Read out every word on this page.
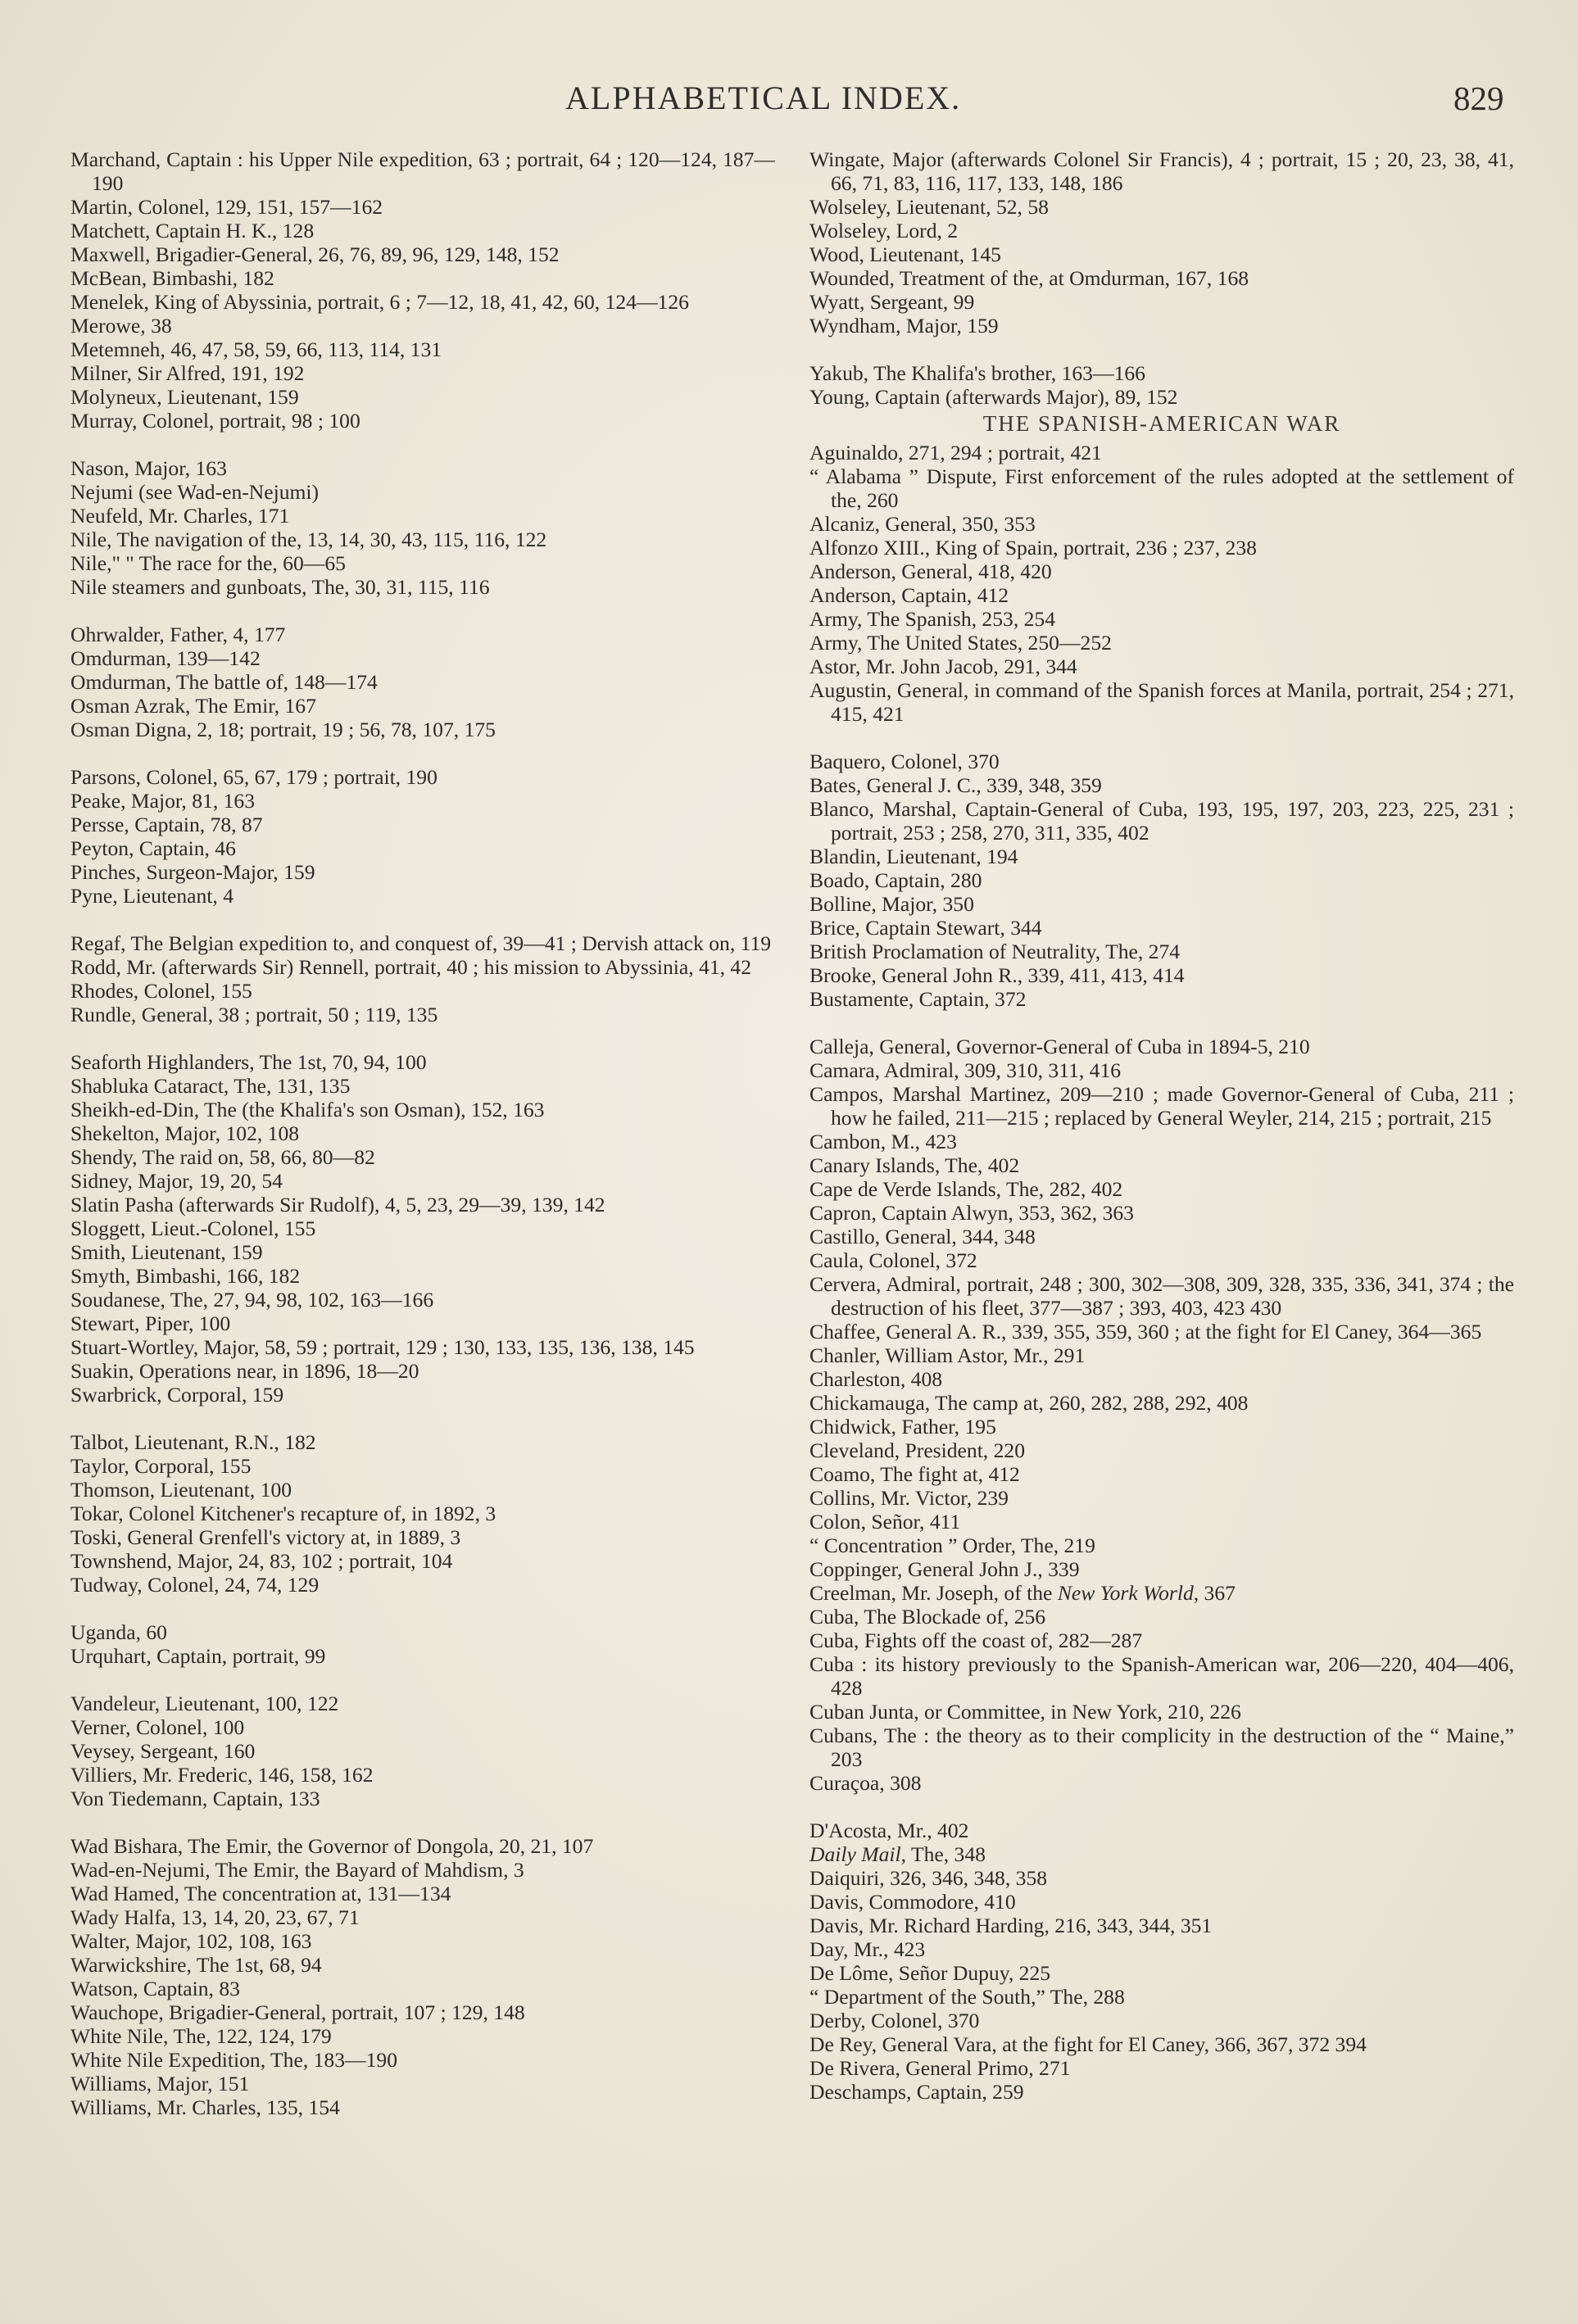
ALPHABETICAL INDEX.	829

Marchand, Captain : his Upper Nile expedition, 63 ; portrait, 64 ; 120—124, 187—190

Martin, Colonel, 129, 151, 157—162

Matchett, Captain H. K., 128

Maxwell, Brigadier-General, 26, 76, 89, 96, 129, 148, 152

McBean, Bimbashi, 182

Menelek, King of Abyssinia, portrait, 6 ; 7—12, 18, 41, 42, 60, 124—126

Merowe, 38

Metemneh, 46, 47, 58, 59, 66, 113, 114, 131

Milner, Sir Alfred, 191, 192

Molyneux, Lieutenant, 159

Murray, Colonel, portrait, 98 ; 100

Nason, Major, 163

Nejumi (see Wad-en-Nejumi)

Neufeld, Mr. Charles, 171

Nile, The navigation of the, 13, 14, 30, 43, 115, 116, 122

Nile," " The race for the, 60—65

Nile steamers and gunboats, The, 30, 31, 115, 116

Ohrwalder, Father, 4, 177

Omdurman, 139—142

Omdurman, The battle of, 148—174

Osman Azrak, The Emir, 167

Osman Digna, 2, 18; portrait, 19 ; 56, 78, 107, 175

Parsons, Colonel, 65, 67, 179 ; portrait, 190

Peake, Major, 81, 163

Persse, Captain, 78, 87

Peyton, Captain, 46

Pinches, Surgeon-Major, 159

Pyne, Lieutenant, 4

Regaf, The Belgian expedition to, and conquest of, 39—41 ; Dervish attack on, 119

Rodd, Mr. (afterwards Sir) Rennell, portrait, 40 ; his mission to Abyssinia, 41, 42

Rhodes, Colonel, 155

Rundle, General, 38 ; portrait, 50 ; 119, 135

Seaforth Highlanders, The 1st, 70, 94, 100

Shabluka Cataract, The, 131, 135

Sheikh-ed-Din, The (the Khalifa's son Osman), 152, 163

Shekelton, Major, 102, 108

Shendy, The raid on, 58, 66, 80—82

Sidney, Major, 19, 20, 54

Slatin Pasha (afterwards Sir Rudolf), 4, 5, 23, 29—39, 139, 142

Sloggett, Lieut.-Colonel, 155

Smith, Lieutenant, 159

Smyth, Bimbashi, 166, 182

Soudanese, The, 27, 94, 98, 102, 163—166

Stewart, Piper, 100

Stuart-Wortley, Major, 58, 59 ; portrait, 129 ; 130, 133, 135, 136, 138, 145

Suakin, Operations near, in 1896, 18—20

Swarbrick, Corporal, 159

Talbot, Lieutenant, R.N., 182

Taylor, Corporal, 155

Thomson, Lieutenant, 100

Tokar, Colonel Kitchener's recapture of, in 1892, 3

Toski, General Grenfell's victory at, in 1889, 3

Townshend, Major, 24, 83, 102 ; portrait, 104

Tudway, Colonel, 24, 74, 129

Uganda, 60

Urquhart, Captain, portrait, 99

Vandeleur, Lieutenant, 100, 122

Verner, Colonel, 100

Veysey, Sergeant, 160

Villiers, Mr. Frederic, 146, 158, 162

Von Tiedemann, Captain, 133

Wad Bishara, The Emir, the Governor of Dongola, 20, 21, 107

Wad-en-Nejumi, The Emir, the Bayard of Mahdism, 3

Wad Hamed, The concentration at, 131—134

Wady Halfa, 13, 14, 20, 23, 67, 71

Walter, Major, 102, 108, 163

Warwickshire, The 1st, 68, 94

Watson, Captain, 83

Wauchope, Brigadier-General, portrait, 107 ; 129, 148

White Nile, The, 122, 124, 179

White Nile Expedition, The, 183—190

Williams, Major, 151

Williams, Mr. Charles, 135, 154

Wingate, Major (afterwards Colonel Sir Francis), 4 ; portrait, 15 ; 20, 23, 38, 41, 66, 71, 83, 116, 117, 133, 148, 186

Wolseley, Lieutenant, 52, 58

Wolseley, Lord, 2

Wood, Lieutenant, 145

Wounded, Treatment of the, at Omdurman, 167, 168

Wyatt, Sergeant, 99

Wyndham, Major, 159

Yakub, The Khalifa's brother, 163—166

Young, Captain (afterwards Major), 89, 152

THE SPANISH-AMERICAN WAR

Aguinaldo, 271, 294 ; portrait, 421

“ Alabama ” Dispute, First enforcement of the rules adopted at the settlement of the, 260

Alcaniz, General, 350, 353

Alfonzo XIII., King of Spain, portrait, 236 ; 237, 238

Anderson, General, 418, 420

Anderson, Captain, 412

Army, The Spanish, 253, 254

Army, The United States, 250—252

Astor, Mr. John Jacob, 291, 344

Augustin, General, in command of the Spanish forces at Manila, portrait, 254 ; 271, 415, 421

Baquero, Colonel, 370

Bates, General J. C., 339, 348, 359

Blanco, Marshal, Captain-General of Cuba, 193, 195, 197, 203, 223, 225, 231 ; portrait, 253 ; 258, 270, 311, 335, 402

Blandin, Lieutenant, 194

Boado, Captain, 280

Bolline, Major, 350

Brice, Captain Stewart, 344

British Proclamation of Neutrality, The, 274

Brooke, General John R., 339, 411, 413, 414

Bustamente, Captain, 372

Calleja, General, Governor-General of Cuba in 1894-5, 210

Camara, Admiral, 309, 310, 311, 416

Campos, Marshal Martinez, 209—210 ; made Governor-General of Cuba, 211 ; how he failed, 211—215 ; replaced by General Weyler, 214, 215 ; portrait, 215

Cambon, M., 423

Canary Islands, The, 402

Cape de Verde Islands, The, 282, 402

Capron, Captain Alwyn, 353, 362, 363

Castillo, General, 344, 348

Caula, Colonel, 372

Cervera, Admiral, portrait, 248 ; 300, 302—308, 309, 328, 335, 336, 341, 374 ; the destruction of his fleet, 377—387 ; 393, 403, 423 430

Chaffee, General A. R., 339, 355, 359, 360 ; at the fight for El Caney, 364—365

Chanler, William Astor, Mr., 291

Charleston, 408

Chickamauga, The camp at, 260, 282, 288, 292, 408

Chidwick, Father, 195

Cleveland, President, 220

Coamo, The fight at, 412

Collins, Mr. Victor, 239

Colon, Señor, 411

“ Concentration ” Order, The, 219

Coppinger, General John J., 339

Creelman, Mr. Joseph, of the New York World, 367

Cuba, The Blockade of, 256

Cuba, Fights off the coast of, 282—287

Cuba : its history previously to the Spanish-American war, 206—220, 404—406, 428

Cuban Junta, or Committee, in New York, 210, 226

Cubans, The : the theory as to their complicity in the destruction of the “ Maine,” 203

Curaçoa, 308

D'Acosta, Mr., 402

Daily Mail, The, 348

Daiquiri, 326, 346, 348, 358

Davis, Commodore, 410

Davis, Mr. Richard Harding, 216, 343, 344, 351

Day, Mr., 423

De Lôme, Señor Dupuy, 225

“ Department of the South,” The, 288

Derby, Colonel, 370

De Rey, General Vara, at the fight for El Caney, 366, 367, 372 394

De Rivera, General Primo, 271

Deschamps, Captain, 259
